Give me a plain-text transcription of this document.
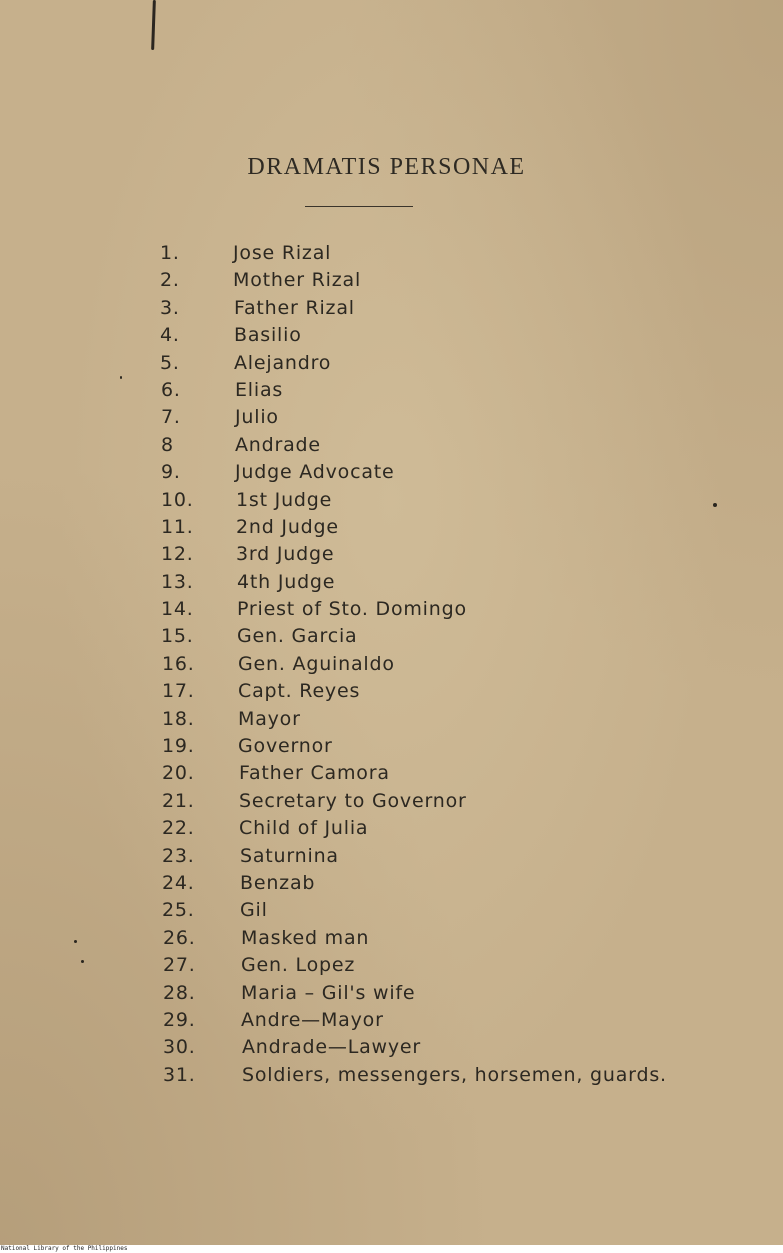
DRAMATIS PERSONAE
1.	Jose Rizal
2.	Mother Rizal
3.	Father Rizal
4.	Basilio
5.	Alejandro
6.	Elias
7.	Julio
8	Andrade
9.	Judge Advocate
10.	1st Judge
11.	2nd Judge
12.	3rd Judge
13.	4th Judge
14.	Priest of Sto. Domingo
15.	Gen. Garcia
16.	Gen. Aguinaldo
17.	Capt. Reyes
18.	Mayor
19.	Governor
20.	Father Camora
21.	Secretary to Governor
22.	Child of Julia
23.	Saturnina
24.	Benzab
25.	Gil
26.	Masked man
27.	Gen. Lopez
28.	Maria – Gil's wife
29.	Andre—Mayor
30.	Andrade—Lawyer
31.	Soldiers, messengers, horsemen, guards.
National Library of the Philippines
